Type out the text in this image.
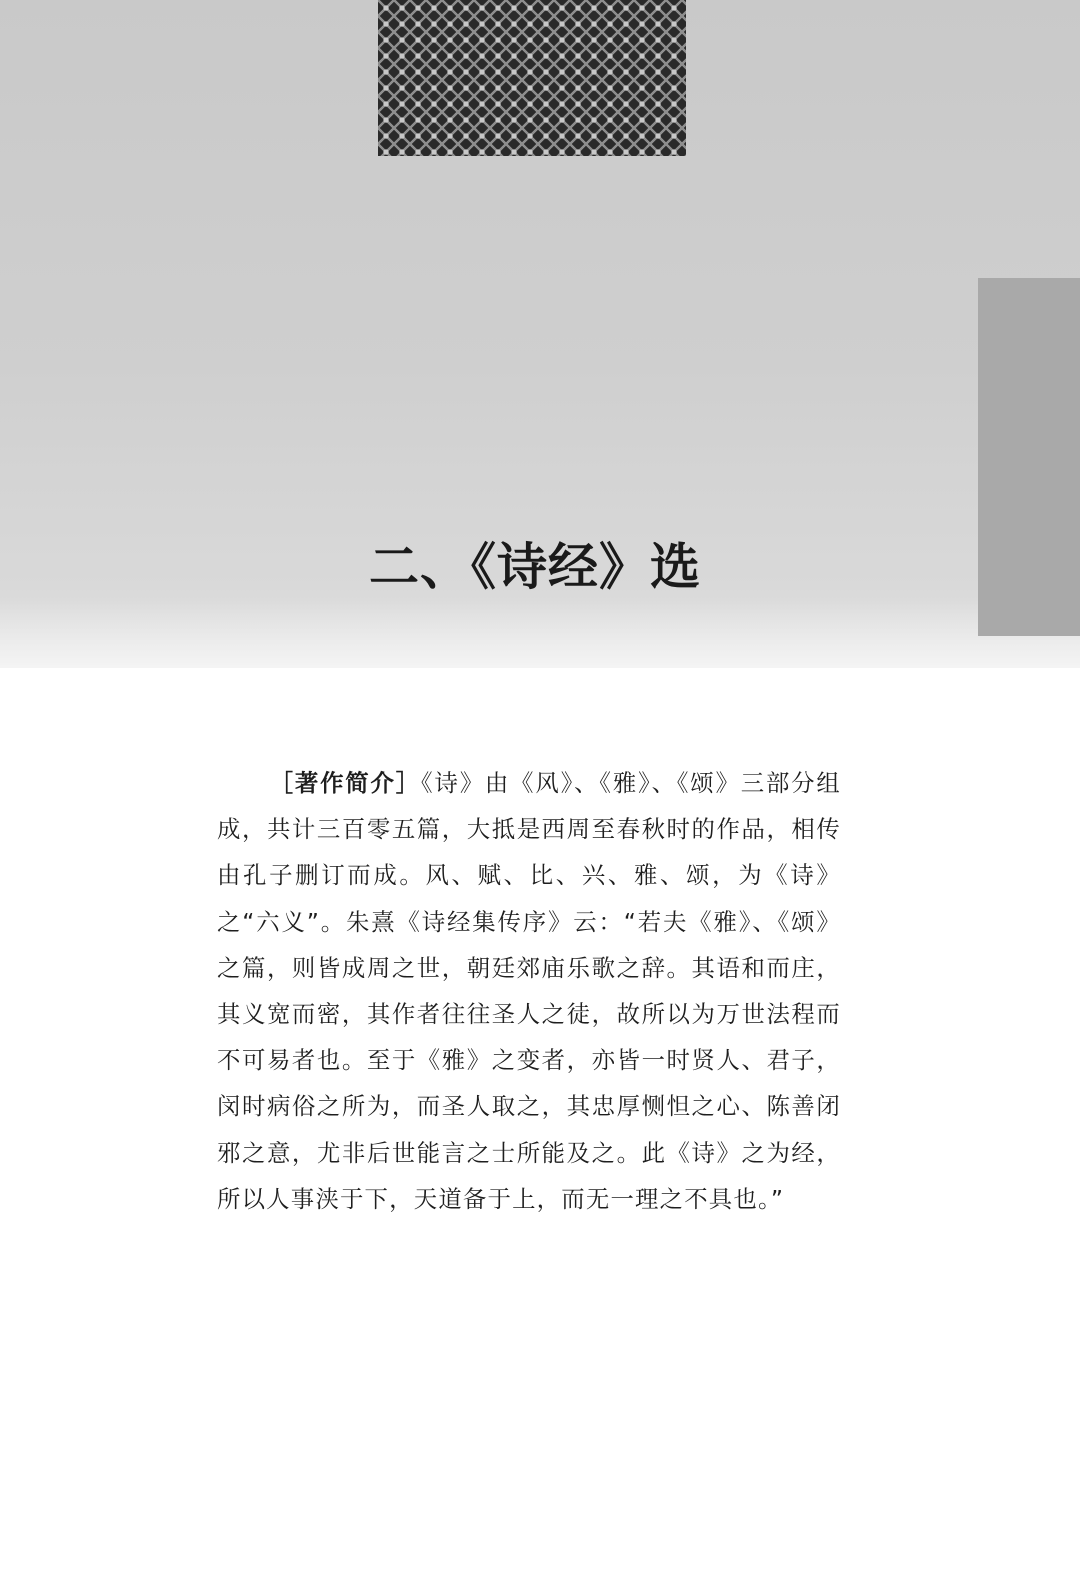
二、《诗经》选
［著作简介］《诗》由《风》、《雅》、《颂》三部分组成，共计三百零五篇，大抵是西周至春秋时的作品，相传由孔子删订而成。风、赋、比、兴、雅、颂，为《诗》之“六义”。朱熹《诗经集传序》云：“若夫《雅》、《颂》之篇，则皆成周之世，朝廷郊庙乐歌之辞。其语和而庄，其义宽而密，其作者往往圣人之徒，故所以为万世法程而不可易者也。至于《雅》之变者，亦皆一时贤人、君子，闵时病俗之所为，而圣人取之，其忠厚恻怛之心、陈善闭邪之意，尤非后世能言之士所能及之。此《诗》之为经，所以人事浃于下，天道备于上，而无一理之不具也。”
